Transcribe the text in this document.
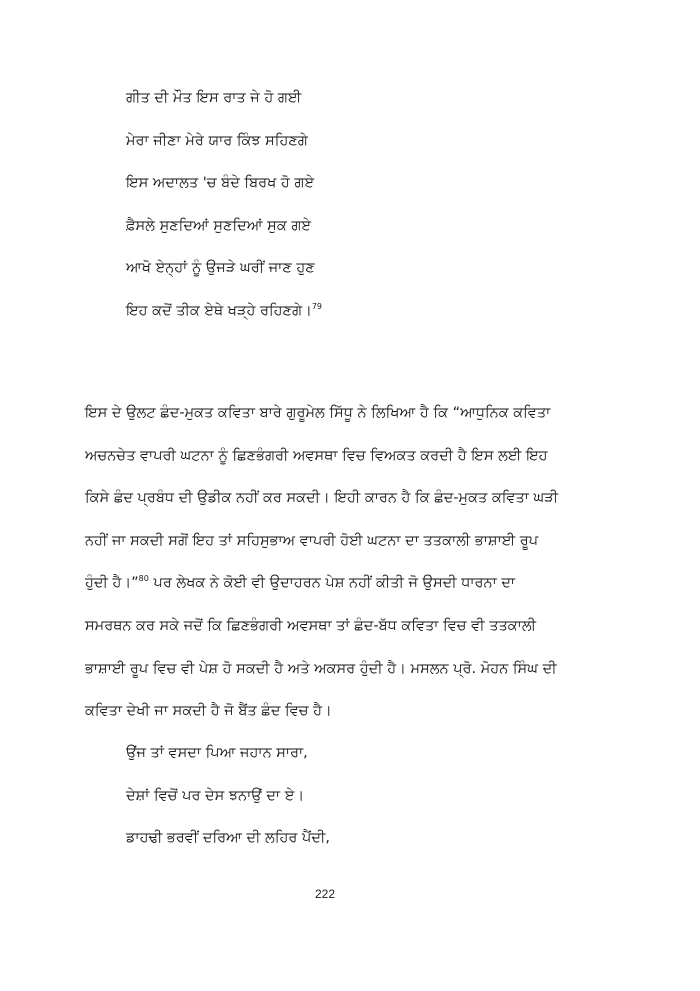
ਗੀਤ ਦੀ ਮੌਤ ਇਸ ਰਾਤ ਜੇ ਹੋ ਗਈ
ਮੇਰਾ ਜੀਣਾ ਮੇਰੇ ਯਾਰ ਕਿੰਝ ਸਹਿਣਗੇ
ਇਸ ਅਦਾਲਤ 'ਚ ਬੰਦੇ ਬਿਰਖ ਹੋ ਗਏ
ਫ਼ੈਸਲੇ ਸੁਣਦਿਆਂ ਸੁਣਦਿਆਂ ਸੁਕ ਗਏ
ਆਖੋ ਏਨ੍ਹਾਂ ਨੂੰ ਉਜੜੇ ਘਰੀਂ ਜਾਣ ਹੁਣ
ਇਹ ਕਦੋਂ ਤੀਕ ਏਥੇ ਖੜ੍ਹੇ ਰਹਿਣਗੇ।$^{79}$
ਇਸ ਦੇ ਉਲਟ ਛੰਦ-ਮੁਕਤ ਕਵਿਤਾ ਬਾਰੇ ਗੁਰੂਮੇਲ ਸਿੱਧੂ ਨੇ ਲਿਖਿਆ ਹੈ ਕਿ “ਆਧੁਨਿਕ ਕਵਿਤਾ
ਅਚਨਚੇਤ ਵਾਪਰੀ ਘਟਨਾ ਨੂੰ ਛਿਣਭੰਗਰੀ ਅਵਸਥਾ ਵਿਚ ਵਿਅਕਤ ਕਰਦੀ ਹੈ ਇਸ ਲਈ ਇਹ
ਕਿਸੇ ਛੰਦ ਪ੍ਰਬੰਧ ਦੀ ਉਡੀਕ ਨਹੀਂ ਕਰ ਸਕਦੀ। ਇਹੀ ਕਾਰਨ ਹੈ ਕਿ ਛੰਦ-ਮੁਕਤ ਕਵਿਤਾ ਘੜੀ
ਨਹੀਂ ਜਾ ਸਕਦੀ ਸਗੋਂ ਇਹ ਤਾਂ ਸਹਿਸੁਭਾਅ ਵਾਪਰੀ ਹੋਈ ਘਟਨਾ ਦਾ ਤਤਕਾਲੀ ਭਾਸ਼ਾਈ ਰੂਪ
ਹੁੰਦੀ ਹੈ।”$^{80}$ ਪਰ ਲੇਖਕ ਨੇ ਕੋਈ ਵੀ ਉਦਾਹਰਨ ਪੇਸ਼ ਨਹੀਂ ਕੀਤੀ ਜੋ ਉਸਦੀ ਧਾਰਨਾ ਦਾ
ਸਮਰਥਨ ਕਰ ਸਕੇ ਜਦੋਂ ਕਿ ਛਿਣਭੰਗਰੀ ਅਵਸਥਾ ਤਾਂ ਛੰਦ-ਬੱਧ ਕਵਿਤਾ ਵਿਚ ਵੀ ਤਤਕਾਲੀ
ਭਾਸ਼ਾਈ ਰੂਪ ਵਿਚ ਵੀ ਪੇਸ਼ ਹੋ ਸਕਦੀ ਹੈ ਅਤੇ ਅਕਸਰ ਹੁੰਦੀ ਹੈ। ਮਸਲਨ ਪ੍ਰੋ. ਮੋਹਨ ਸਿੰਘ ਦੀ
ਕਵਿਤਾ ਦੇਖੀ ਜਾ ਸਕਦੀ ਹੈ ਜੋ ਬੈਂਤ ਛੰਦ ਵਿਚ ਹੈ।
ਉਂਜ ਤਾਂ ਵਸਦਾ ਪਿਆ ਜਹਾਨ ਸਾਰਾ,
ਦੇਸ਼ਾਂ ਵਿਚੋਂ ਪਰ ਦੇਸ ਝਨਾਉਂ ਦਾ ਏ।
ਡਾਹਢੀ ਭਰਵੀਂ ਦਰਿਆ ਦੀ ਲਹਿਰ ਪੈਂਦੀ,
222
